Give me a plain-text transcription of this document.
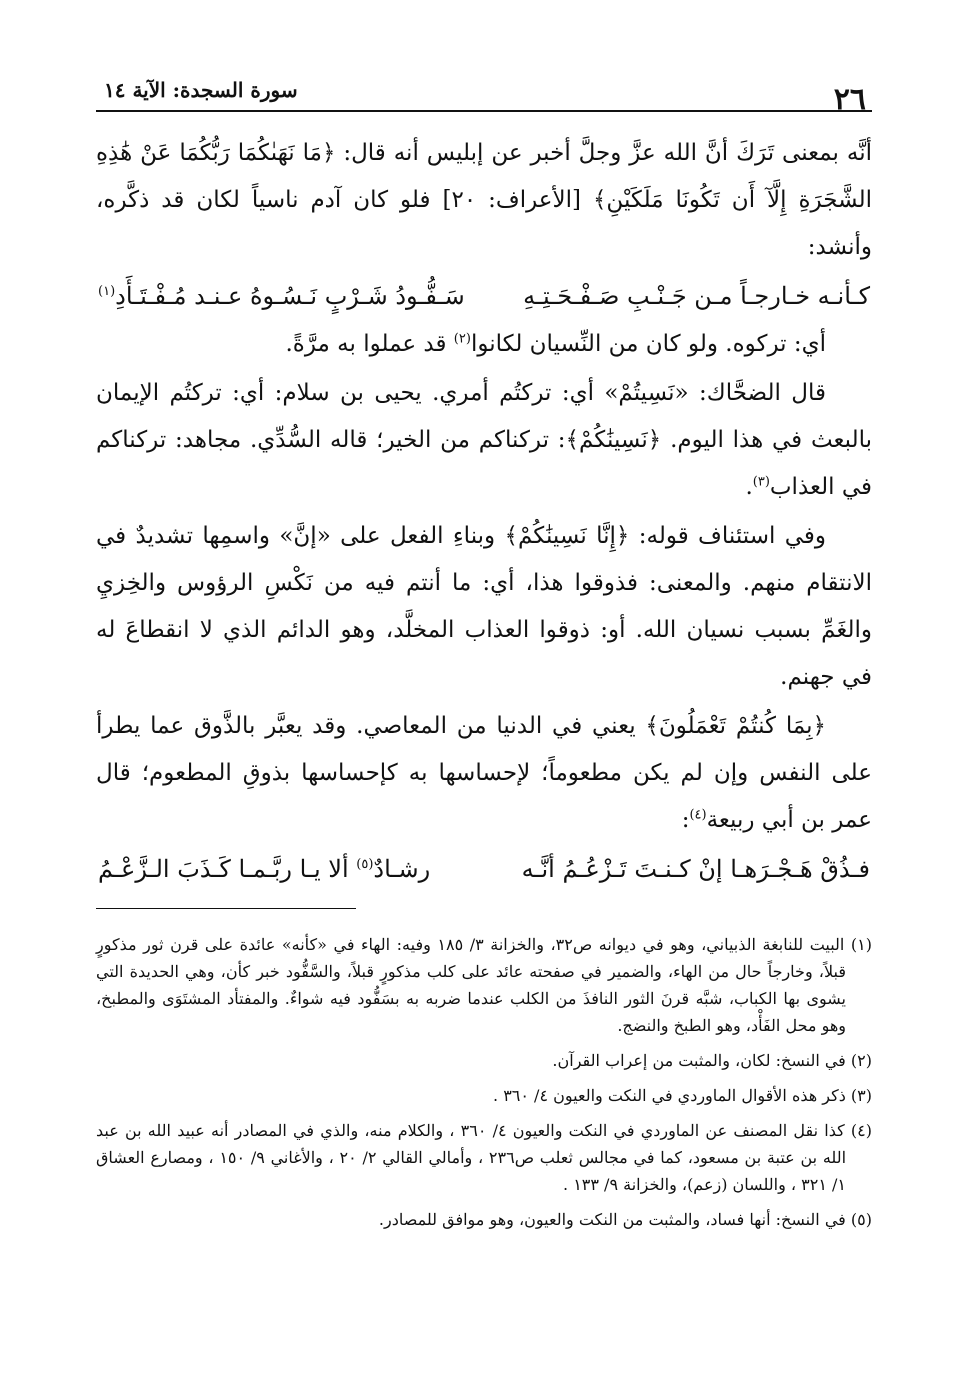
٢٦
سورة السجدة: الآية ١٤

أنَّه بمعنى تَرَكَ أنَّ الله عزَّ وجلَّ أخبر عن إبليس أنه قال: ﴿مَا نَهَىٰكُمَا رَبُّكُمَا عَنْ هَٰذِهِ الشَّجَرَةِ إِلَّآ أَن تَكُونَا مَلَكَيْنِ﴾ [الأعراف: ٢٠] فلو كان آدم ناسياً لكان قد ذكَّره، وأنشد:

كـأنـه خـارجـاً مـن جَـنْـبِ صَـفْـحَـتِـهِ
سَـفُّـودُ شَـرْبٍ نَـسُـوهُ عـنـد مُـفْـتَـأَدِ$^{(١)}$

أي: تركوه. ولو كان من النِّسيان لكانوا$^{(٢)}$ قد عملوا به مرَّةً.

قال الضحَّاك: «نَسِيتُمْ» أي: تركتُم أمري. يحيى بن سلام: أي: تركتُم الإيمان بالبعث في هذا اليوم. ﴿نَسِينَٰكُمْ﴾: تركناكم من الخير؛ قاله السُّدِّي. مجاهد: تركناكم في العذاب$^{(٣)}$.

وفي استئناف قوله: ﴿إِنَّا نَسِينَٰكُمْ﴾ وبناءِ الفعل على «إنَّ» واسمِها تشديدٌ في الانتقام منهم. والمعنى: فذوقوا هذا، أي: ما أنتم فيه من نَكْسِ الرؤوس والخِزيِ والغَمِّ بسبب نسيان الله. أو: ذوقوا العذاب المخلَّد، وهو الدائم الذي لا انقطاعَ له في جهنم.

﴿بِمَا كُنتُمْ تَعْمَلُونَ﴾ يعني في الدنيا من المعاصي. وقد يعبَّر بالذَّوق عما يطرأ على النفس وإن لم يكن مطعوماً؛ لإحساسها به كإحساسها بذوقِ المطعوم؛ قال عمر بن أبي ربيعة$^{(٤)}$:

فـذُقْ هَـجْـرَهـا إنْ كـنـتَ تَـزْعُـمُ أنَّـه
رشـادٌ$^{(٥)}$ ألا يـا ربَّـمـا كَـذَبَ الـزَّعْـمُ

(١) البيت للنابغة الذبياني، وهو في ديوانه ص٣٢، والخزانة ٣/ ١٨٥ وفيه: الهاء في «كأنه» عائدة على قرن ثور مذكورٍ قبلاً، وخارجاً حال من الهاء، والضمير في صفحته عائد على كلب مذكورٍ قبلاً، والسَّفُّود خبر كأن، وهي الحديدة التي يشوى بها الكباب، شبَّه قرنَ الثور النافذَ من الكلب عندما ضربه به بسَفُّود فيه شواءٌ. والمفتأد المشتَوَى والمطبخ، وهو محل الفَأْد، وهو الطبخ والنضج.

(٢) في النسخ: لكان، والمثبت من إعراب القرآن.

(٣) ذكر هذه الأقوال الماوردي في النكت والعيون ٤/ ٣٦٠ .

(٤) كذا نقل المصنف عن الماوردي في النكت والعيون ٤/ ٣٦٠ ، والكلام منه، والذي في المصادر أنه عبيد الله بن عبد الله بن عتبة بن مسعود، كما في مجالس ثعلب ص٢٣٦ ، وأمالي القالي ٢/ ٢٠ ، والأغاني ٩/ ١٥٠ ، ومصارع العشاق ١/ ٣٢١ ، واللسان (زعم)، والخزانة ٩/ ١٣٣ .

(٥) في النسخ: أنها فساد، والمثبت من النكت والعيون، وهو موافق للمصادر.
